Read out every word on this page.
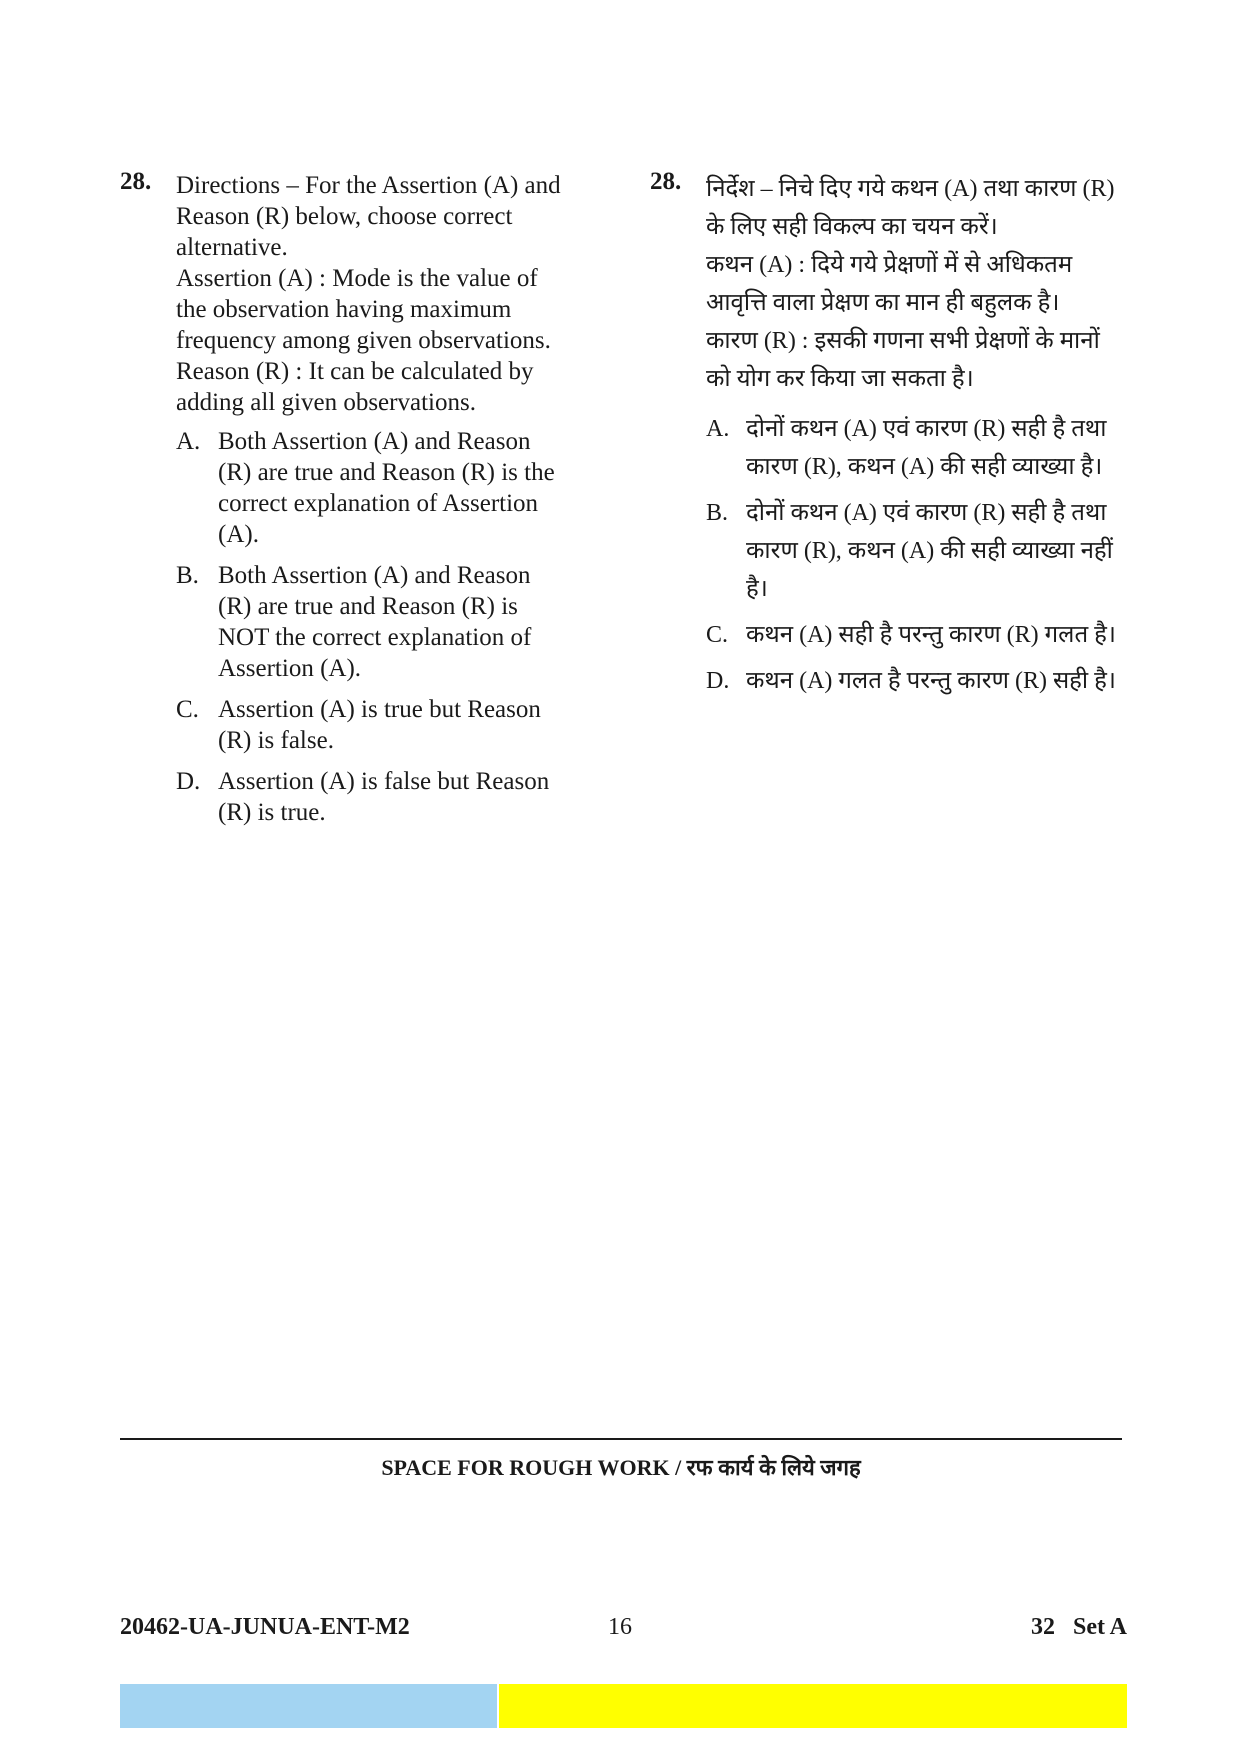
28. Directions – For the Assertion (A) and
Reason (R) below, choose correct
alternative.
Assertion (A) : Mode is the value of
the observation having maximum
frequency among given observations.
Reason (R) : It can be calculated by
adding all given observations.
A. Both Assertion (A) and Reason
(R) are true and Reason (R) is the
correct explanation of Assertion
(A).
B. Both Assertion (A) and Reason
(R) are true and Reason (R) is
NOT the correct explanation of
Assertion (A).
C. Assertion (A) is true but Reason
(R) is false.
D. Assertion (A) is false but Reason
(R) is true.
28.	निर्देश – निचे दिए गये कथन (A) तथा कारण (R)
के लिए सही विकल्प का चयन करें।
कथन (A) : दिये गये प्रेक्षणों में से अधिकतम
आवृत्ति वाला प्रेक्षण का मान ही बहुलक है।
कारण (R) : इसकी गणना सभी प्रेक्षणों के मानों
को योग कर किया जा सकता है।
A. दोनों कथन (A) एवं कारण (R) सही है तथा
कारण (R), कथन (A) की सही व्याख्या है।
B. दोनों कथन (A) एवं कारण (R) सही है तथा
कारण (R), कथन (A) की सही व्याख्या नहीं
है।
C. कथन (A) सही है परन्तु कारण (R) गलत है।
D. कथन (A) गलत है परन्तु कारण (R) सही है।
SPACE FOR ROUGH WORK / रफ कार्य के लिये जगह
20462-UA-JUNUA-ENT-M2	16	32   Set A
